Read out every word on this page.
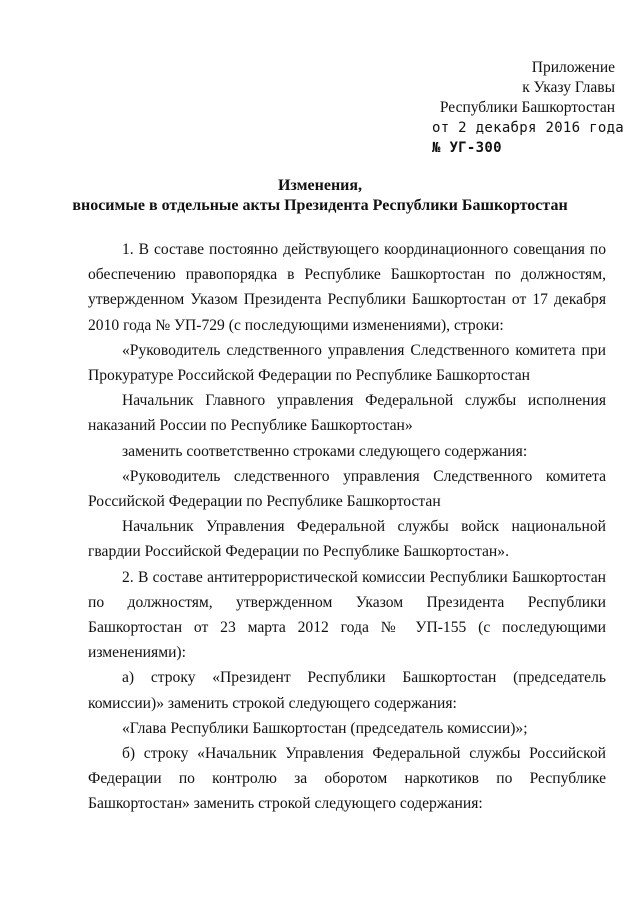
Приложение
к Указу Главы
Республики Башкортостан
от 2 декабря 2016 года
№ УГ-300
Изменения,
вносимые в отдельные акты Президента Республики Башкортостан

1. В составе постоянно действующего координационного совещания по обеспечению правопорядка в Республике Башкортостан по должностям, утвержденном Указом Президента Республики Башкортостан от 17 декабря 2010 года № УП-729 (с последующими изменениями), строки:

«Руководитель следственного управления Следственного комитета при Прокуратуре Российской Федерации по Республике Башкортостан

Начальник Главного управления Федеральной службы исполнения наказаний России по Республике Башкортостан»

заменить соответственно строками следующего содержания:

«Руководитель следственного управления Следственного комитета Российской Федерации по Республике Башкортостан

Начальник Управления Федеральной службы войск национальной гвардии Российской Федерации по Республике Башкортостан».

2. В составе антитеррористической комиссии Республики Башкортостан по должностям, утвержденном Указом Президента Республики Башкортостан от 23 марта 2012 года № УП-155 (с последующими изменениями):

а) строку «Президент Республики Башкортостан (председатель комиссии)» заменить строкой следующего содержания:

«Глава Республики Башкортостан (председатель комиссии)»;

б) строку «Начальник Управления Федеральной службы Российской Федерации по контролю за оборотом наркотиков по Республике Башкортостан» заменить строкой следующего содержания:
